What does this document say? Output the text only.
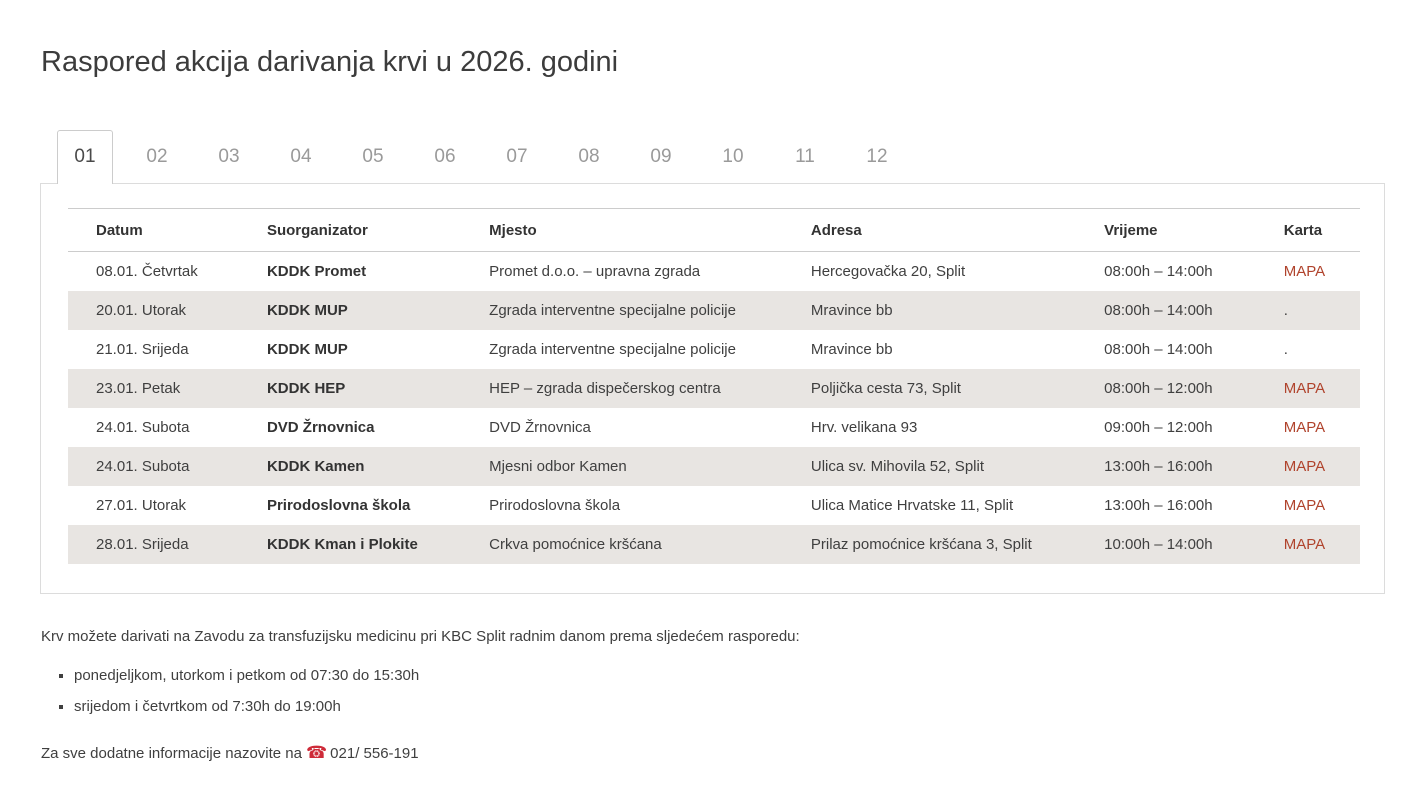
Raspored akcija darivanja krvi u 2026. godini
01	02	03	04	05	06	07	08	09	10	11	12
Datum	Suorganizator	Mjesto	Adresa	Vrijeme	Karta
08.01. Četvrtak	KDDK Promet	Promet d.o.o. – upravna zgrada	Hercegovačka 20, Split	08:00h – 14:00h	MAPA
20.01. Utorak	KDDK MUP	Zgrada interventne specijalne policije	Mravince bb	08:00h – 14:00h	.
21.01. Srijeda	KDDK MUP	Zgrada interventne specijalne policije	Mravince bb	08:00h – 14:00h	.
23.01. Petak	KDDK HEP	HEP – zgrada dispečerskog centra	Poljička cesta 73, Split	08:00h – 12:00h	MAPA
24.01. Subota	DVD Žrnovnica	DVD Žrnovnica	Hrv. velikana 93	09:00h – 12:00h	MAPA
24.01. Subota	KDDK Kamen	Mjesni odbor Kamen	Ulica sv. Mihovila 52, Split	13:00h – 16:00h	MAPA
27.01. Utorak	Prirodoslovna škola	Prirodoslovna škola	Ulica Matice Hrvatske 11, Split	13:00h – 16:00h	MAPA
28.01. Srijeda	KDDK Kman i Plokite	Crkva pomoćnice kršćana	Prilaz pomoćnice kršćana 3, Split	10:00h – 14:00h	MAPA

Krv možete darivati na Zavodu za transfuzijsku medicinu pri KBC Split radnim danom prema sljedećem rasporedu:

▪ ponedjeljkom, utorkom i petkom od 07:30 do 15:30h
▪ srijedom i četvrtkom od 7:30h do 19:00h

Za sve dodatne informacije nazovite na ☎ 021/ 556-191
